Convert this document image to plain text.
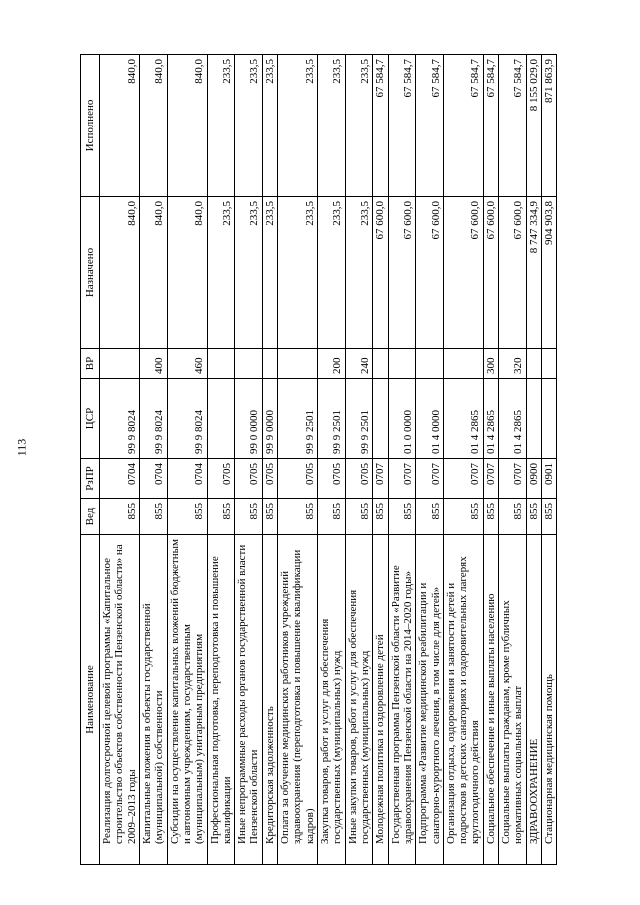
113
Наименование	Вед	РзПР	ЦСР	ВР	Назначено	Исполнено
Реализация долгосрочной целевой программы «Капитальное строительство объектов собственности Пензенской области» на 2009–2013 годы	855	0704	99 9 8024		840,0	840,0
Капитальные вложения в объекты государственной (муниципальной) собственности	855	0704	99 9 8024	400	840,0	840,0
Субсидии на осуществление капитальных вложений бюджетным и автономным учреждениям, государственным (муниципальным) унитарным предприятиям	855	0704	99 9 8024	460	840,0	840,0
Профессиональная подготовка, переподготовка и повышение квалификации	855	0705			233,5	233,5
Иные непрограммные расходы органов государственной власти Пензенской области	855	0705	99 0 0000		233,5	233,5
Кредиторская задолженность	855	0705	99 9 0000		233,5	233,5
Оплата за обучение медицинских работников учреждений здравоохранения (переподготовка и повышение квалификации кадров)	855	0705	99 9 2501		233,5	233,5
Закупка товаров, работ и услуг для обеспечения государственных (муниципальных) нужд	855	0705	99 9 2501	200	233,5	233,5
Иные закупки товаров, работ и услуг для обеспечения государственных (муниципальных) нужд	855	0705	99 9 2501	240	233,5	233,5
Молодежная политика и оздоровление детей	855	0707			67 600,0	67 584,7
Государственная программа Пензенской области «Развитие здравоохранения Пензенской области на 2014–2020 годы»	855	0707	01 0 0000		67 600,0	67 584,7
Подпрограмма «Развитие медицинской реабилитации и санаторно-курортного лечения, в том числе для детей»	855	0707	01 4 0000		67 600,0	67 584,7
Организация отдыха, оздоровления и занятости детей и подростков в детских санаториях и оздоровительных лагерях круглогодичного действия	855	0707	01 4 2865		67 600,0	67 584,7
Социальное обеспечение и иные выплаты населению	855	0707	01 4 2865	300	67 600,0	67 584,7
Социальные выплаты гражданам, кроме публичных нормативных социальных выплат	855	0707	01 4 2865	320	67 600,0	67 584,7
ЗДРАВООХРАНЕНИЕ	855	0900			8 747 334,9	8 155 029,0
Стационарная медицинская помощь	855	0901			904 903,8	871 863,9
